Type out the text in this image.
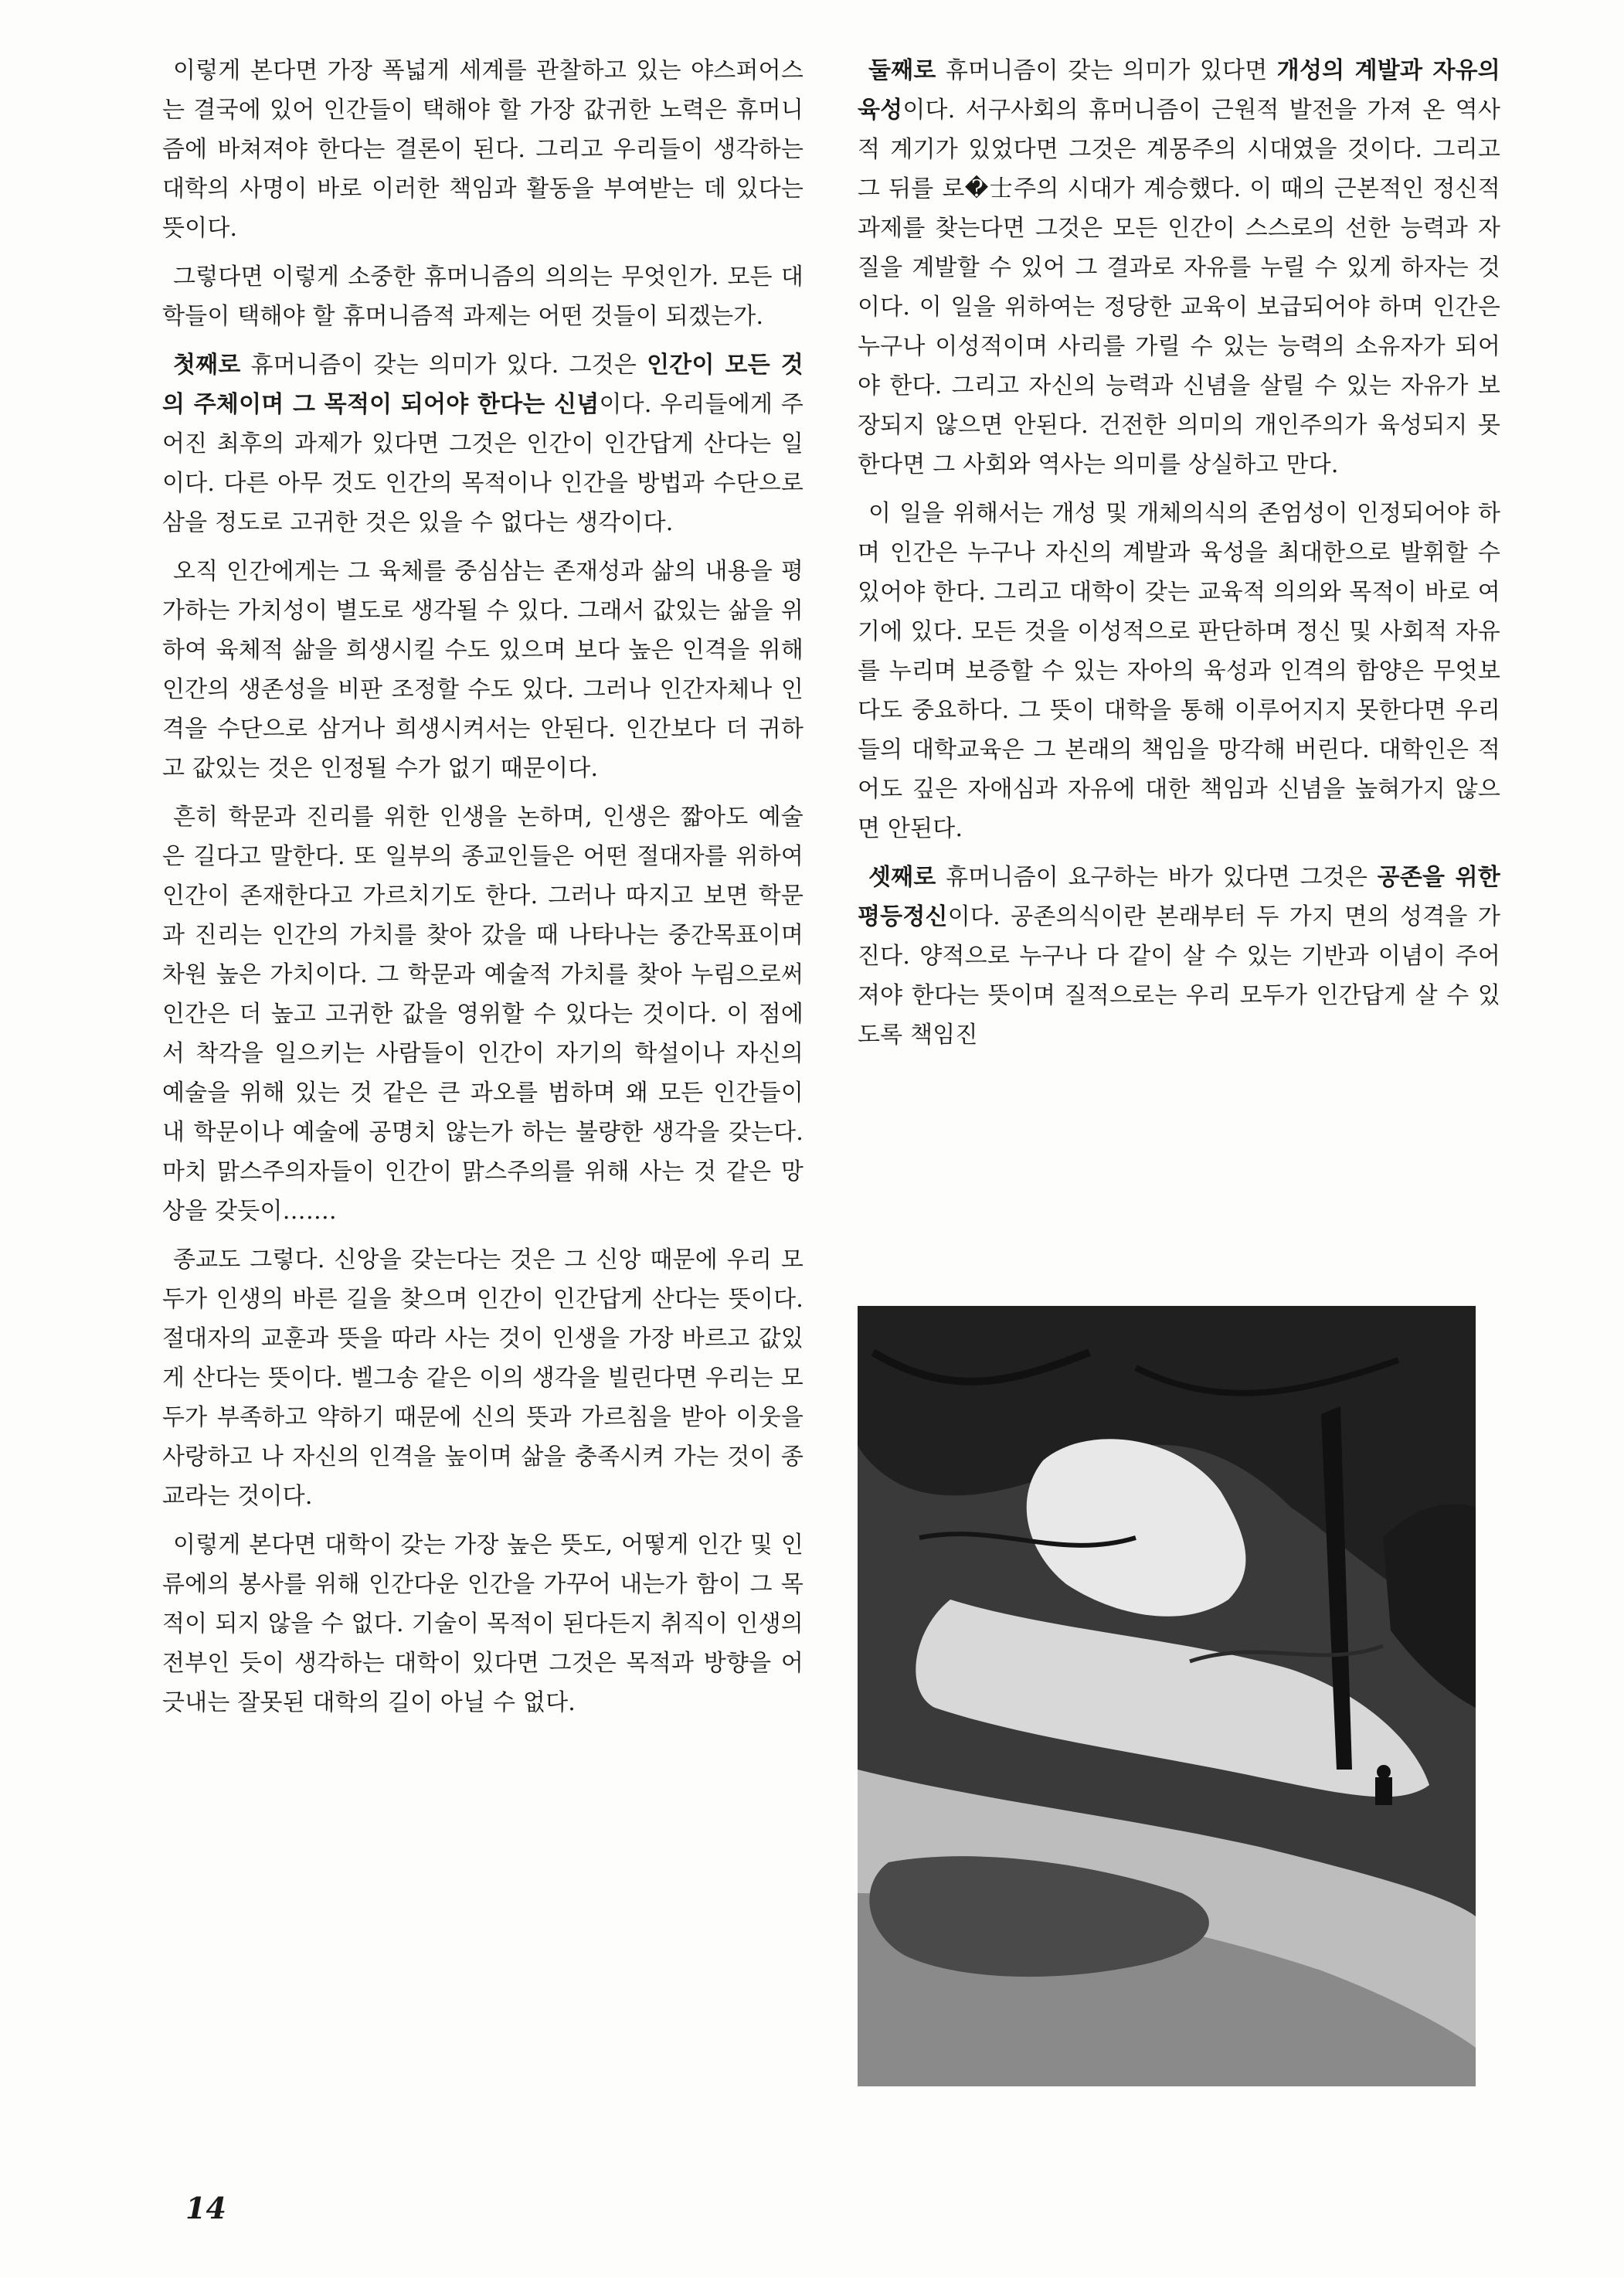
이렇게 본다면 가장 폭넓게 세계를 관찰하고 있는 야스퍼어스는 결국에 있어 인간들이 택해야 할 가장 값귀한 노력은 휴머니즘에 바쳐져야 한다는 결론이 된다. 그리고 우리들이 생각하는 대학의 사명이 바로 이러한 책임과 활동을 부여받는 데 있다는 뜻이다.

그렇다면 이렇게 소중한 휴머니즘의 의의는 무엇인가. 모든 대학들이 택해야 할 휴머니즘적 과제는 어떤 것들이 되겠는가.

첫째로 휴머니즘이 갖는 의미가 있다. 그것은 인간이 모든 것의 주체이며 그 목적이 되어야 한다는 신념이다. 우리들에게 주어진 최후의 과제가 있다면 그것은 인간이 인간답게 산다는 일이다. 다른 아무 것도 인간의 목적이나 인간을 방법과 수단으로 삼을 정도로 고귀한 것은 있을 수 없다는 생각이다.

오직 인간에게는 그 육체를 중심삼는 존재성과 삶의 내용을 평가하는 가치성이 별도로 생각될 수 있다. 그래서 값있는 삶을 위하여 육체적 삶을 희생시킬 수도 있으며 보다 높은 인격을 위해 인간의 생존성을 비판 조정할 수도 있다. 그러나 인간자체나 인격을 수단으로 삼거나 희생시켜서는 안된다. 인간보다 더 귀하고 값있는 것은 인정될 수가 없기 때문이다.

흔히 학문과 진리를 위한 인생을 논하며, 인생은 짧아도 예술은 길다고 말한다. 또 일부의 종교인들은 어떤 절대자를 위하여 인간이 존재한다고 가르치기도 한다. 그러나 따지고 보면 학문과 진리는 인간의 가치를 찾아 갔을 때 나타나는 중간목표이며 차원 높은 가치이다. 그 학문과 예술적 가치를 찾아 누림으로써 인간은 더 높고 고귀한 값을 영위할 수 있다는 것이다. 이 점에서 착각을 일으키는 사람들이 인간이 자기의 학설이나 자신의 예술을 위해 있는 것 같은 큰 과오를 범하며 왜 모든 인간들이 내 학문이나 예술에 공명치 않는가 하는 불량한 생각을 갖는다. 마치 맑스주의자들이 인간이 맑스주의를 위해 사는 것 같은 망상을 갖듯이…….

종교도 그렇다. 신앙을 갖는다는 것은 그 신앙 때문에 우리 모두가 인생의 바른 길을 찾으며 인간이 인간답게 산다는 뜻이다. 절대자의 교훈과 뜻을 따라 사는 것이 인생을 가장 바르고 값있게 산다는 뜻이다. 벨그송 같은 이의 생각을 빌린다면 우리는 모두가 부족하고 약하기 때문에 신의 뜻과 가르침을 받아 이웃을 사랑하고 나 자신의 인격을 높이며 삶을 충족시켜 가는 것이 종교라는 것이다.

이렇게 본다면 대학이 갖는 가장 높은 뜻도, 어떻게 인간 및 인류에의 봉사를 위해 인간다운 인간을 가꾸어 내는가 함이 그 목적이 되지 않을 수 없다. 기술이 목적이 된다든지 취직이 인생의 전부인 듯이 생각하는 대학이 있다면 그것은 목적과 방향을 어긋내는 잘못된 대학의 길이 아닐 수 없다.

둘째로 휴머니즘이 갖는 의미가 있다면 개성의 계발과 자유의 육성이다. 서구사회의 휴머니즘이 근원적 발전을 가져 온 역사적 계기가 있었다면 그것은 계몽주의 시대였을 것이다. 그리고 그 뒤를 로�士주의 시대가 계승했다. 이 때의 근본적인 정신적 과제를 찾는다면 그것은 모든 인간이 스스로의 선한 능력과 자질을 계발할 수 있어 그 결과로 자유를 누릴 수 있게 하자는 것이다. 이 일을 위하여는 정당한 교육이 보급되어야 하며 인간은 누구나 이성적이며 사리를 가릴 수 있는 능력의 소유자가 되어야 한다. 그리고 자신의 능력과 신념을 살릴 수 있는 자유가 보장되지 않으면 안된다. 건전한 의미의 개인주의가 육성되지 못한다면 그 사회와 역사는 의미를 상실하고 만다.

이 일을 위해서는 개성 및 개체의식의 존엄성이 인정되어야 하며 인간은 누구나 자신의 계발과 육성을 최대한으로 발휘할 수 있어야 한다. 그리고 대학이 갖는 교육적 의의와 목적이 바로 여기에 있다. 모든 것을 이성적으로 판단하며 정신 및 사회적 자유를 누리며 보증할 수 있는 자아의 육성과 인격의 함양은 무엇보다도 중요하다. 그 뜻이 대학을 통해 이루어지지 못한다면 우리들의 대학교육은 그 본래의 책임을 망각해 버린다. 대학인은 적어도 깊은 자애심과 자유에 대한 책임과 신념을 높혀가지 않으면 안된다.

셋째로 휴머니즘이 요구하는 바가 있다면 그것은 공존을 위한 평등정신이다. 공존의식이란 본래부터 두 가지 면의 성격을 가진다. 양적으로 누구나 다 같이 살 수 있는 기반과 이념이 주어져야 한다는 뜻이며 질적으로는 우리 모두가 인간답게 살 수 있도록 책임진

14
